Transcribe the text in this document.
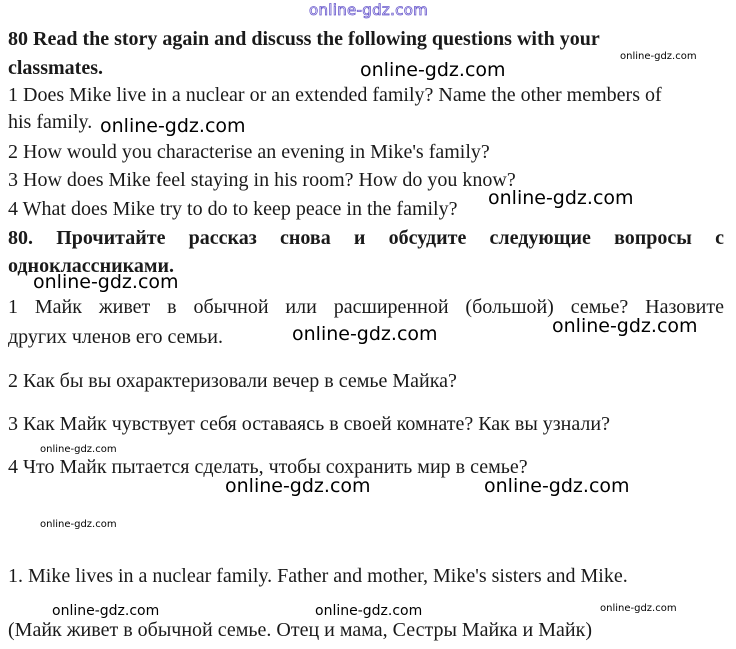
online-gdz.com
online-gdz.com
online-gdz.com
online-gdz.com
online-gdz.com
online-gdz.com
online-gdz.com
online-gdz.com
online-gdz.com
online-gdz.com	online-gdz.com
online-gdz.com
online-gdz.com	online-gdz.com	online-gdz.com
80 Read the story again and discuss the following questions with your
classmates.
1 Does Mike live in a nuclear or an extended family? Name the other members of
his family.
2 How would you characterise an evening in Mike's family?
3 How does Mike feel staying in his room? How do you know?
4 What does Mike try to do to keep peace in the family?
80. Прочитайте рассказ снова и обсудите следующие вопросы с
одноклассниками.
1 Майк живет в обычной или расширенной (большой) семье? Назовите
других членов его семьи.
2 Как бы вы охарактеризовали вечер в семье Майка?
3 Как Майк чувствует себя оставаясь в своей комнате? Как вы узнали?
4 Что Майк пытается сделать, чтобы сохранить мир в семье?
1. Mike lives in a nuclear family. Father and mother, Mike's sisters and Mike.
(Майк живет в обычной семье. Отец и мама, Сестры Майка и Майк)
